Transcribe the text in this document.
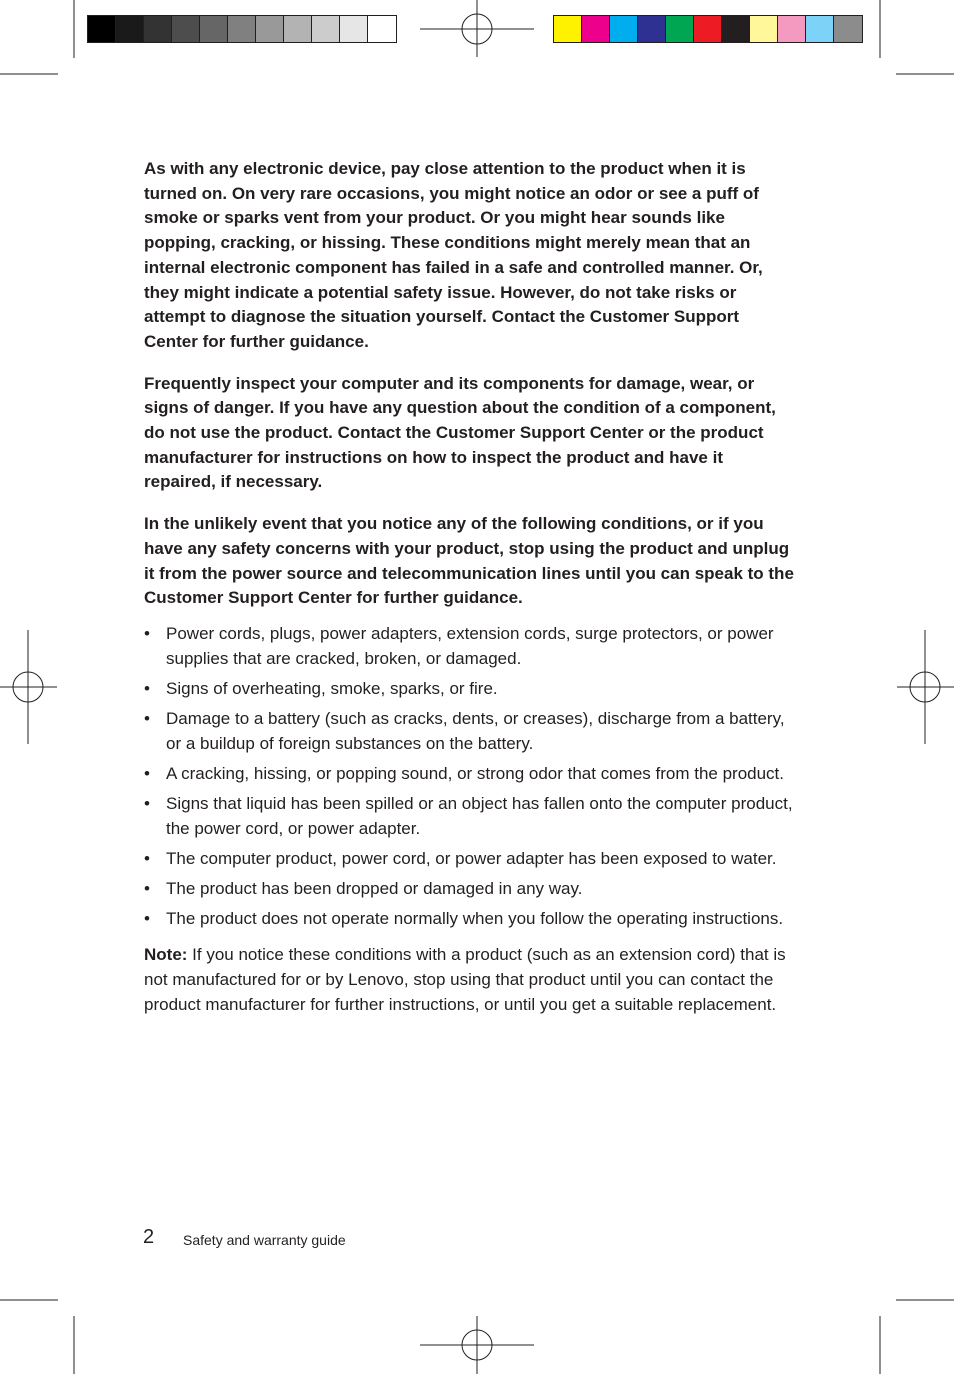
As with any electronic device, pay close attention to the product when it is turned on. On very rare occasions, you might notice an odor or see a puff of smoke or sparks vent from your product. Or you might hear sounds like popping, cracking, or hissing. These conditions might merely mean that an internal electronic component has failed in a safe and controlled manner. Or, they might indicate a potential safety issue. However, do not take risks or attempt to diagnose the situation yourself. Contact the Customer Support Center for further guidance.

Frequently inspect your computer and its components for damage, wear, or signs of danger. If you have any question about the condition of a component, do not use the product. Contact the Customer Support Center or the product manufacturer for instructions on how to inspect the product and have it repaired, if necessary.

In the unlikely event that you notice any of the following conditions, or if you have any safety concerns with your product, stop using the product and unplug it from the power source and telecommunication lines until you can speak to the Customer Support Center for further guidance.

• Power cords, plugs, power adapters, extension cords, surge protectors, or power supplies that are cracked, broken, or damaged.
• Signs of overheating, smoke, sparks, or fire.
• Damage to a battery (such as cracks, dents, or creases), discharge from a battery, or a buildup of foreign substances on the battery.
• A cracking, hissing, or popping sound, or strong odor that comes from the product.
• Signs that liquid has been spilled or an object has fallen onto the computer product, the power cord, or power adapter.
• The computer product, power cord, or power adapter has been exposed to water.
• The product has been dropped or damaged in any way.
• The product does not operate normally when you follow the operating instructions.

Note: If you notice these conditions with a product (such as an extension cord) that is not manufactured for or by Lenovo, stop using that product until you can contact the product manufacturer for further instructions, or until you get a suitable replacement.

2 Safety and warranty guide
